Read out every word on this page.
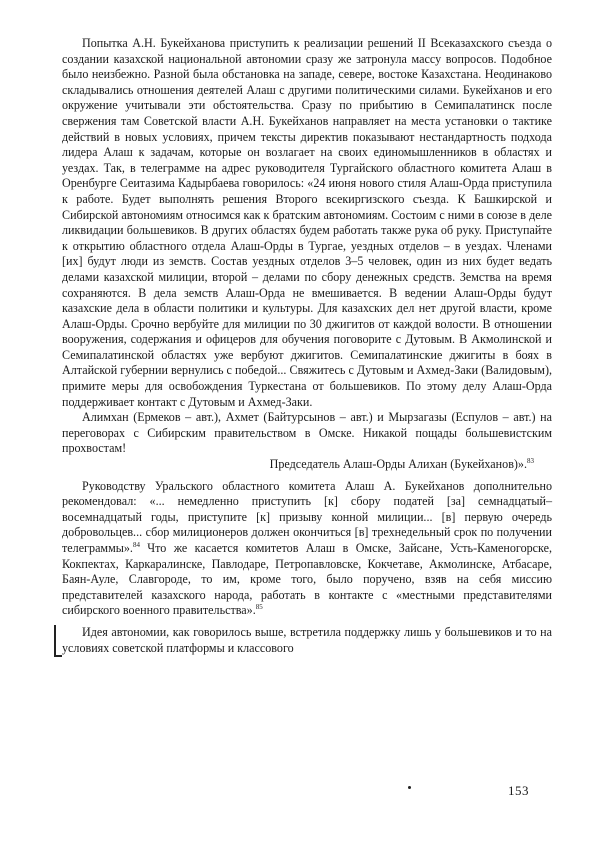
Попытка А.Н. Букейханова приступить к реализации решений II Всеказахского съезда о создании казахской национальной автономии сразу же затронула массу вопросов. Подобное было неизбежно. Разной была обстановка на западе, севере, востоке Казахстана. Неодинаково складывались отношения деятелей Алаш с другими политическими силами. Букейханов и его окружение учитывали эти обстоятельства. Сразу по прибытию в Семипалатинск после свержения там Советской власти А.Н. Букейханов направляет на места установки о тактике действий в новых условиях, причем тексты директив показывают нестандартность подхода лидера Алаш к задачам, которые он возлагает на своих единомышленников в областях и уездах. Так, в телеграмме на адрес руководителя Тургайского областного комитета Алаш в Оренбурге Сеитазима Кадырбаева говорилось: «24 июня нового стиля Алаш-Орда приступила к работе. Будет выполнять решения Второго всекиргизского съезда. К Башкирской и Сибирской автономиям относимся как к братским автономиям. Состоим с ними в союзе в деле ликвидации большевиков. В других областях будем работать также рука об руку. Приступайте к открытию областного отдела Алаш-Орды в Тургае, уездных отделов – в уездах. Членами [их] будут люди из земств. Состав уездных отделов 3–5 человек, один из них будет ведать делами казахской милиции, второй – делами по сбору денежных средств. Земства на время сохраняются. В дела земств Алаш-Орда не вмешивается. В ведении Алаш-Орды будут казахские дела в области политики и культуры. Для казахских дел нет другой власти, кроме Алаш-Орды. Срочно вербуйте для милиции по 30 джигитов от каждой волости. В отношении вооружения, содержания и офицеров для обучения поговорите с Дутовым. В Акмолинской и Семипалатинской областях уже вербуют джигитов. Семипалатинские джигиты в боях в Алтайской губернии вернулись с победой... Свяжитесь с Дутовым и Ахмед-Заки (Валидовым), примите меры для освобождения Туркестана от большевиков. По этому делу Алаш-Орда поддерживает контакт с Дутовым и Ахмед-Заки.

Алимхан (Ермеков – авт.), Ахмет (Байтурсынов – авт.) и Мырзагазы (Еспулов – авт.) на переговорах с Сибирским правительством в Омске. Никакой пощады большевистским прохвостам!

Председатель Алаш-Орды Алихан (Букейханов)».$^{83}$

Руководству Уральского областного комитета Алаш А. Букейханов дополнительно рекомендовал: «... немедленно приступить [к] сбору податей [за] семнадцатый–восемнадцатый годы, приступите [к] призыву конной милиции... [в] первую очередь добровольцев... сбор милиционеров должен окончиться [в] трехнедельный срок по получении телеграммы».$^{84}$ Что же касается комитетов Алаш в Омске, Зайсане, Усть-Каменогорске, Кокпектах, Каркаралинске, Павлодаре, Петропавловске, Кокчетаве, Акмолинске, Атбасаре, Баян-Ауле, Славгороде, то им, кроме того, было поручено, взяв на себя миссию представителей казахского народа, работать в контакте с «местными представителями сибирского военного правительства».$^{85}$

Идея автономии, как говорилось выше, встретила поддержку лишь у большевиков и то на условиях советской платформы и классового

153
